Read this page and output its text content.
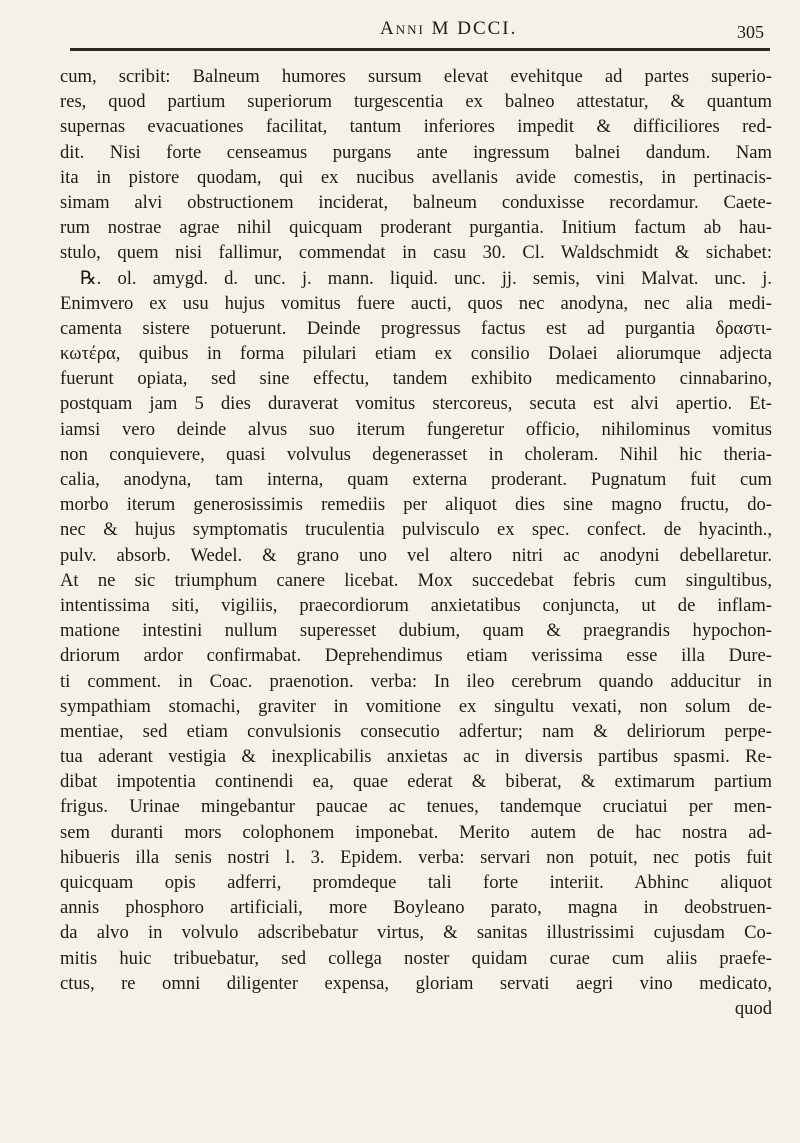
Anni M DCCI.	305
cum, scribit: Balneum humores sursum elevat evehitque ad partes superio-
res, quod partium superiorum turgescentia ex balneo attestatur, & quantum
supernas evacuationes facilitat, tantum inferiores impedit & difficiliores red-
dit. Nisi forte censeamus purgans ante ingressum balnei dandum. Nam
ita in pistore quodam, qui ex nucibus avellanis avide comestis, in pertinacis-
simam alvi obstructionem inciderat, balneum conduxisse recordamur. Caete-
rum nostrae agrae nihil quicquam proderant purgantia. Initium factum ab hau-
stulo, quem nisi fallimur, commendat in casu 30. Cl. Waldschmidt & sichabet:
℞. ol. amygd. d. unc. j. mann. liquid. unc. jj. semis, vini Malvat. unc. j.
Enimvero ex usu hujus vomitus fuere aucti, quos nec anodyna, nec alia medi-
camenta sistere potuerunt. Deinde progressus factus est ad purgantia δραστι-
κωτέρα, quibus in forma pilulari etiam ex consilio Dolaei aliorumque adjecta
fuerunt opiata, sed sine effectu, tandem exhibito medicamento cinnabarino,
postquam jam 5 dies duraverat vomitus stercoreus, secuta est alvi apertio. Et-
iamsi vero deinde alvus suo iterum fungeretur officio, nihilominus vomitus
non conquievere, quasi volvulus degenerasset in choleram. Nihil hic theria-
calia, anodyna, tam interna, quam externa proderant. Pugnatum fuit cum
morbo iterum generosissimis remediis per aliquot dies sine magno fructu, do-
nec & hujus symptomatis truculentia pulvisculo ex spec. confect. de hyacinth.,
pulv. absorb. Wedel. & grano uno vel altero nitri ac anodyni debellaretur.
At ne sic triumphum canere licebat. Mox succedebat febris cum singultibus,
intentissima siti, vigiliis, praecordiorum anxietatibus conjuncta, ut de inflam-
matione intestini nullum superesset dubium, quam & praegrandis hypochon-
driorum ardor confirmabat. Deprehendimus etiam verissima esse illa Dure-
ti comment. in Coac. praenotion. verba: In ileo cerebrum quando adducitur in
sympathiam stomachi, graviter in vomitione ex singultu vexati, non solum de-
mentiae, sed etiam convulsionis consecutio adfertur; nam & deliriorum perpe-
tua aderant vestigia & inexplicabilis anxietas ac in diversis partibus spasmi. Re-
dibat impotentia continendi ea, quae ederat & biberat, & extimarum partium
frigus. Urinae mingebantur paucae ac tenues, tandemque cruciatui per men-
sem duranti mors colophonem imponebat. Merito autem de hac nostra ad-
hibueris illa senis nostri l. 3. Epidem. verba: servari non potuit, nec potis fuit
quicquam opis adferri, promdeque tali forte interiit. Abhinc aliquot
annis phosphoro artificiali, more Boyleano parato, magna in deobstruen-
da alvo in volvulo adscribebatur virtus, & sanitas illustrissimi cujusdam Co-
mitis huic tribuebatur, sed collega noster quidam curae cum aliis praefe-
ctus, re omni diligenter expensa, gloriam servati aegri vino medicato,
quod
